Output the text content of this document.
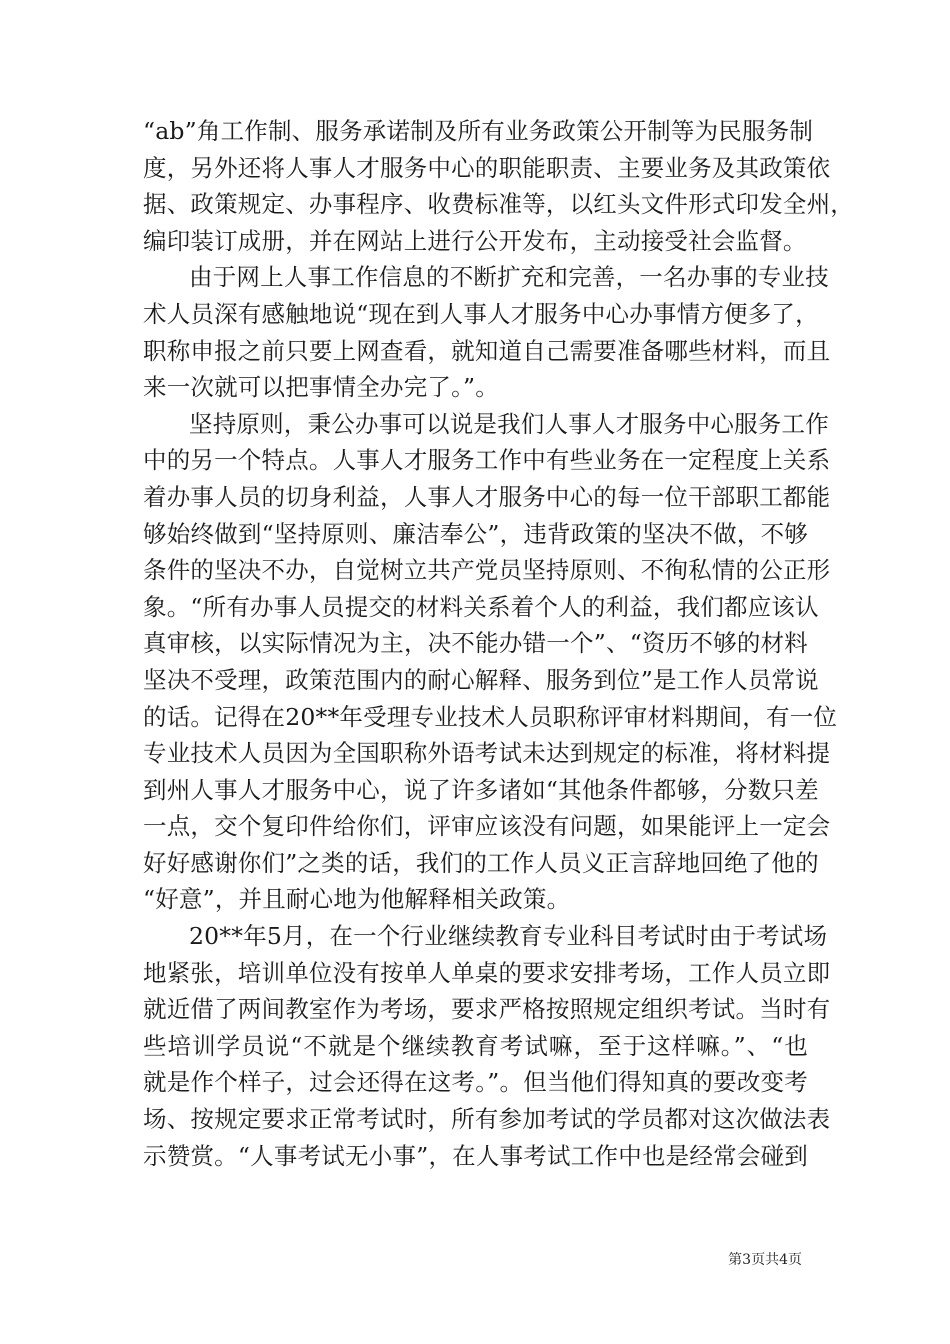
“ab”角工作制、服务承诺制及所有业务政策公开制等为民服务制
度，另外还将人事人才服务中心的职能职责、主要业务及其政策依
据、政策规定、办事程序、收费标准等，以红头文件形式印发全州，
编印装订成册，并在网站上进行公开发布，主动接受社会监督。
由于网上人事工作信息的不断扩充和完善，一名办事的专业技
术人员深有感触地说“现在到人事人才服务中心办事情方便多了，
职称申报之前只要上网查看，就知道自己需要准备哪些材料，而且
来一次就可以把事情全办完了。”。
坚持原则，秉公办事可以说是我们人事人才服务中心服务工作
中的另一个特点。人事人才服务工作中有些业务在一定程度上关系
着办事人员的切身利益，人事人才服务中心的每一位干部职工都能
够始终做到“坚持原则、廉洁奉公”，违背政策的坚决不做，不够
条件的坚决不办，自觉树立共产党员坚持原则、不徇私情的公正形
象。“所有办事人员提交的材料关系着个人的利益，我们都应该认
真审核，以实际情况为主，决不能办错一个”、“资历不够的材料
坚决不受理，政策范围内的耐心解释、服务到位”是工作人员常说
的话。记得在20**年受理专业技术人员职称评审材料期间，有一位
专业技术人员因为全国职称外语考试未达到规定的标准，将材料提
到州人事人才服务中心，说了许多诸如“其他条件都够，分数只差
一点，交个复印件给你们，评审应该没有问题，如果能评上一定会
好好感谢你们”之类的话，我们的工作人员义正言辞地回绝了他的
“好意”，并且耐心地为他解释相关政策。
20**年5月，在一个行业继续教育专业科目考试时由于考试场
地紧张，培训单位没有按单人单桌的要求安排考场，工作人员立即
就近借了两间教室作为考场，要求严格按照规定组织考试。当时有
些培训学员说“不就是个继续教育考试嘛，至于这样嘛。”、“也
就是作个样子，过会还得在这考。”。但当他们得知真的要改变考
场、按规定要求正常考试时，所有参加考试的学员都对这次做法表
示赞赏。“人事考试无小事”，在人事考试工作中也是经常会碰到
第3页共4页
